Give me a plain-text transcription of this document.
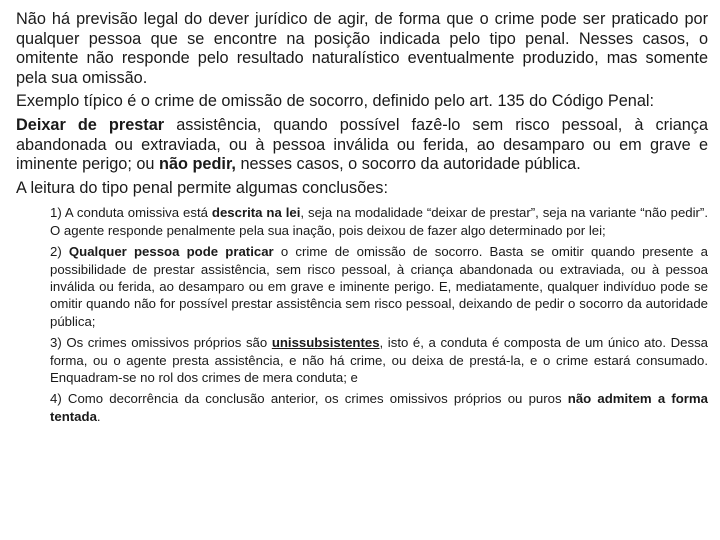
Não há previsão legal do dever jurídico de agir, de forma que o crime pode ser praticado por qualquer pessoa que se encontre na posição indicada pelo tipo penal. Nesses casos, o omitente não responde pelo resultado naturalístico eventualmente produzido, mas somente pela sua omissão.

Exemplo típico é o crime de omissão de socorro, definido pelo art. 135 do Código Penal:

Deixar de prestar assistência, quando possível fazê-lo sem risco pessoal, à criança abandonada ou extraviada, ou à pessoa inválida ou ferida, ao desamparo ou em grave e iminente perigo; ou não pedir, nesses casos, o socorro da autoridade pública.

A leitura do tipo penal permite algumas conclusões:

1) A conduta omissiva está descrita na lei, seja na modalidade “deixar de prestar”, seja na variante “não pedir”. O agente responde penalmente pela sua inação, pois deixou de fazer algo determinado por lei;

2) Qualquer pessoa pode praticar o crime de omissão de socorro. Basta se omitir quando presente a possibilidade de prestar assistência, sem risco pessoal, à criança abandonada ou extraviada, ou à pessoa inválida ou ferida, ao desamparo ou em grave e iminente perigo. E, mediatamente, qualquer indivíduo pode se omitir quando não for possível prestar assistência sem risco pessoal, deixando de pedir o socorro da autoridade pública;

3) Os crimes omissivos próprios são unissubsistentes, isto é, a conduta é composta de um único ato. Dessa forma, ou o agente presta assistência, e não há crime, ou deixa de prestá-la, e o crime estará consumado. Enquadram-se no rol dos crimes de mera conduta; e

4) Como decorrência da conclusão anterior, os crimes omissivos próprios ou puros não admitem a forma tentada.
